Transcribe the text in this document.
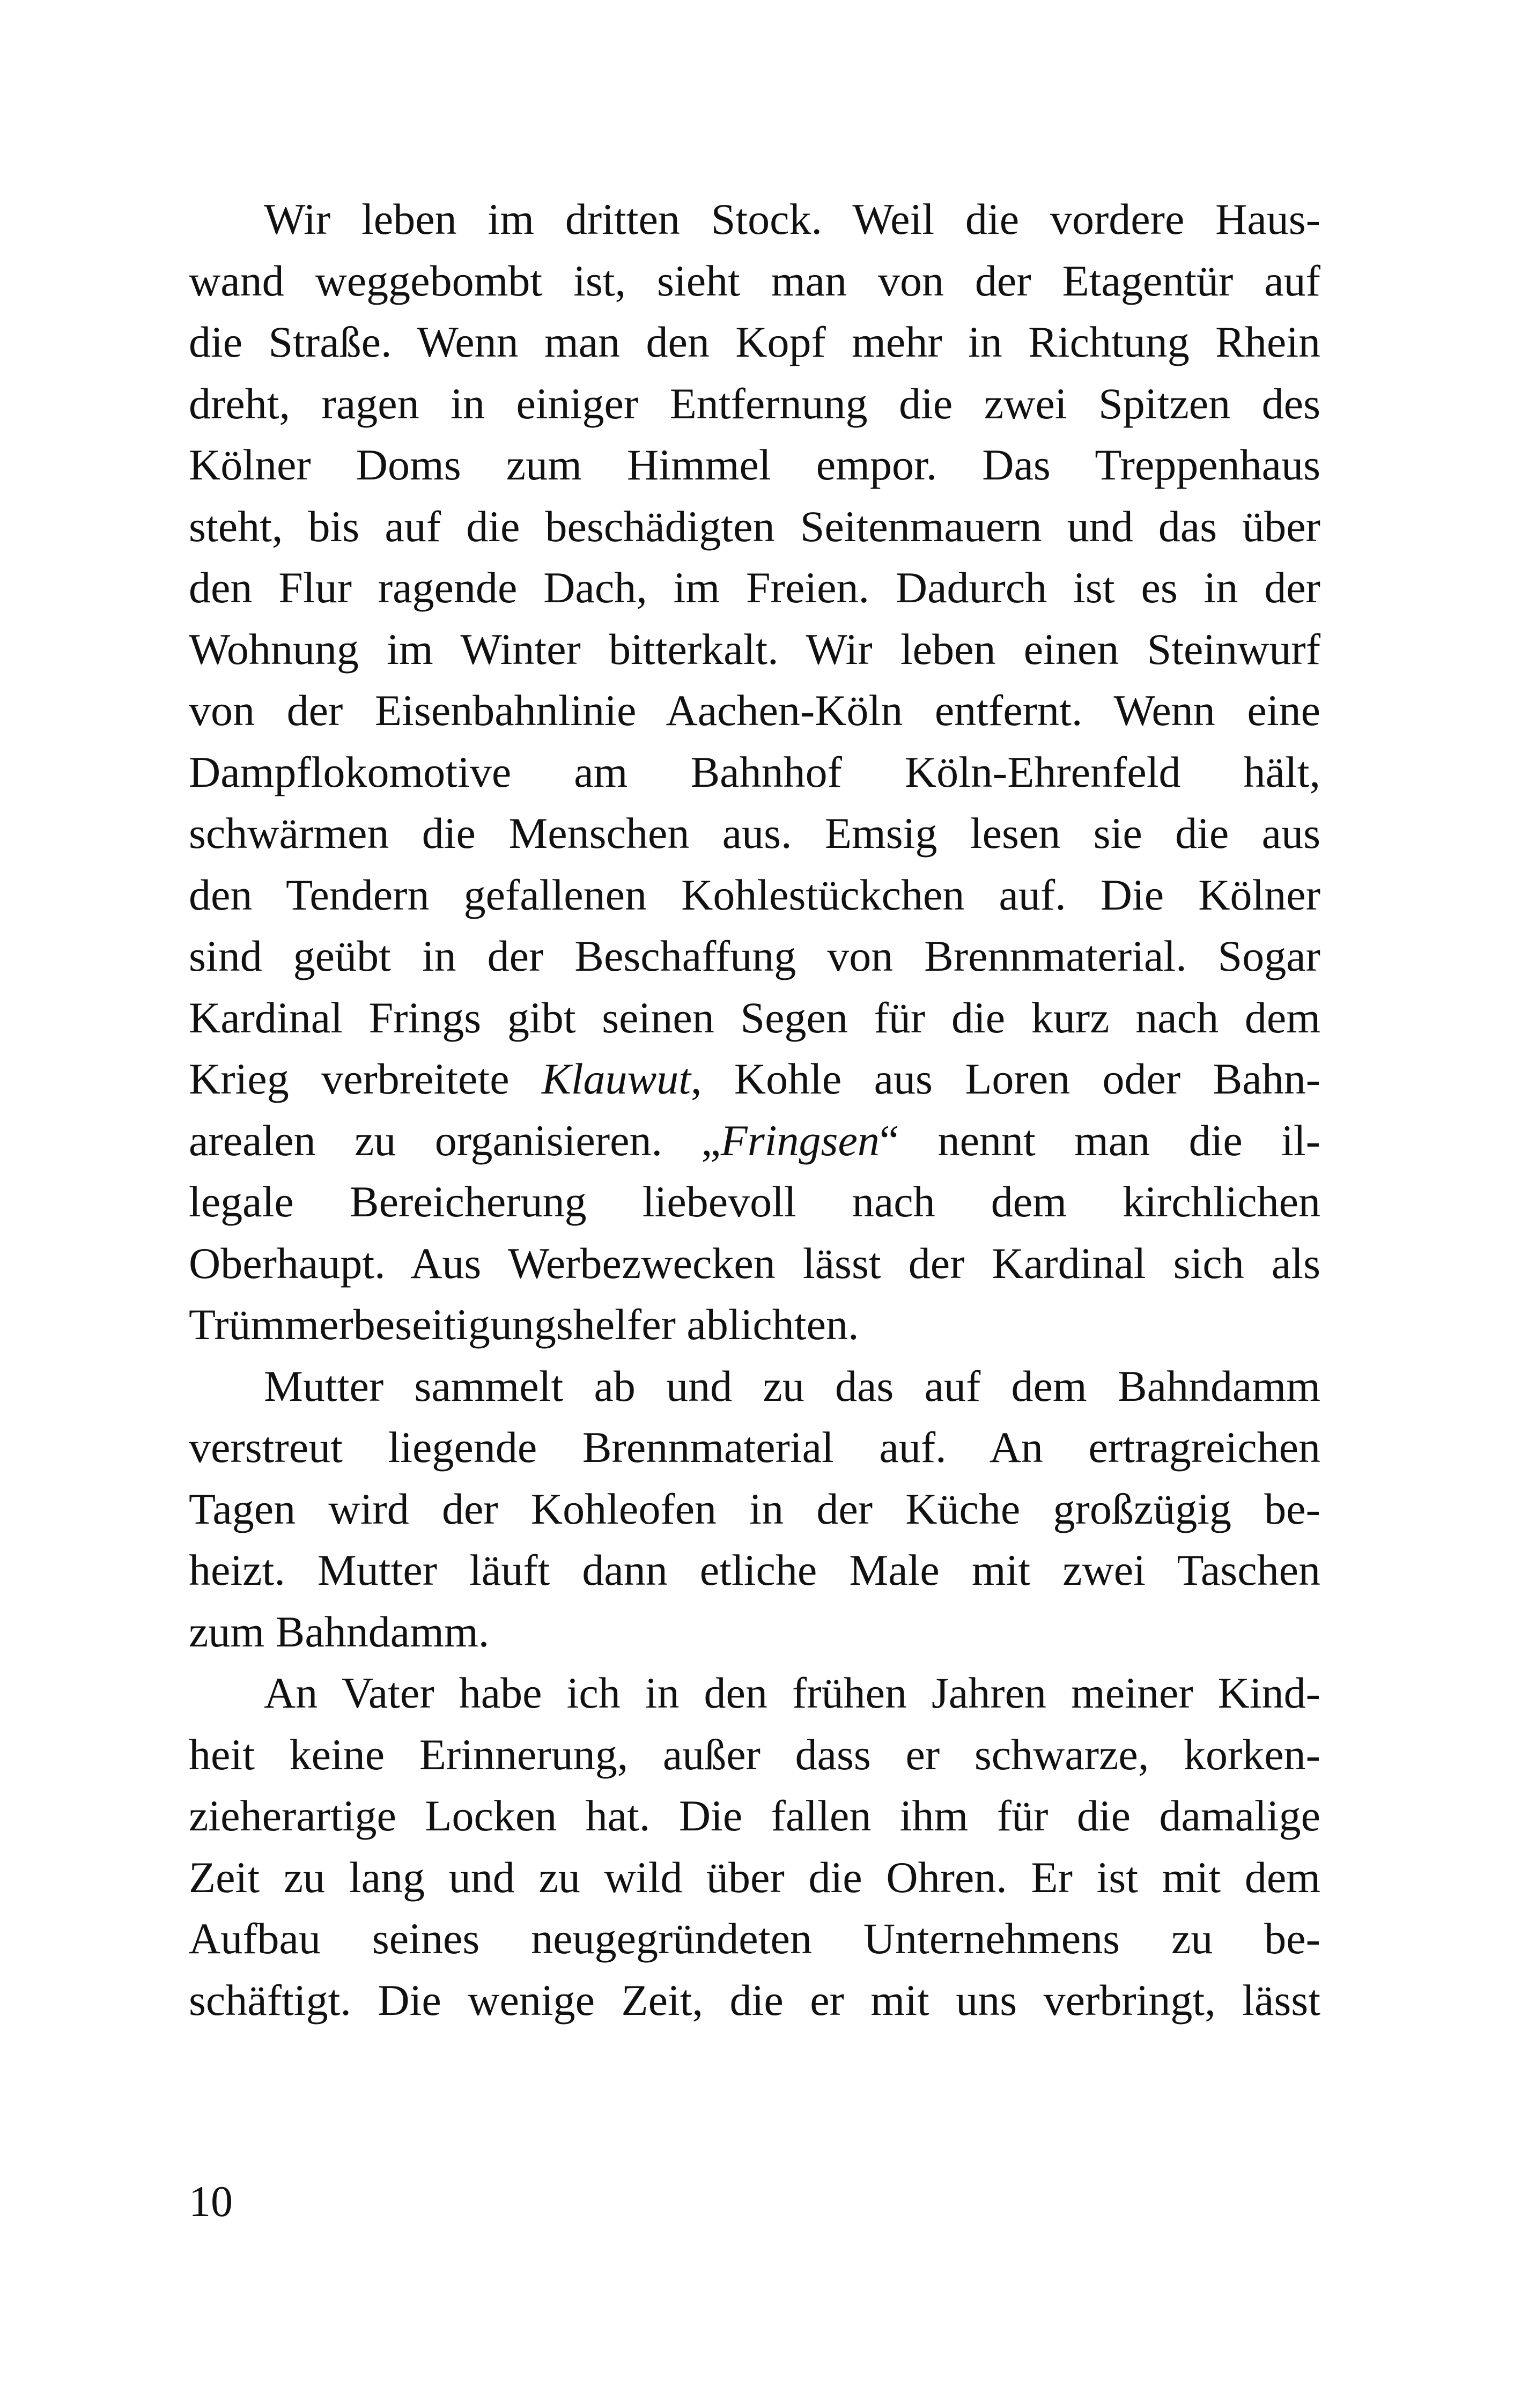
Wir leben im dritten Stock. Weil die vordere Haus-
wand weggebombt ist, sieht man von der Etagentür auf
die Straße. Wenn man den Kopf mehr in Richtung Rhein
dreht, ragen in einiger Entfernung die zwei Spitzen des
Kölner Doms zum Himmel empor. Das Treppenhaus
steht, bis auf die beschädigten Seitenmauern und das über
den Flur ragende Dach, im Freien. Dadurch ist es in der
Wohnung im Winter bitterkalt. Wir leben einen Steinwurf
von der Eisenbahnlinie Aachen-Köln entfernt. Wenn eine
Dampflokomotive am Bahnhof Köln-Ehrenfeld hält,
schwärmen die Menschen aus. Emsig lesen sie die aus
den Tendern gefallenen Kohlestückchen auf. Die Kölner
sind geübt in der Beschaffung von Brennmaterial. Sogar
Kardinal Frings gibt seinen Segen für die kurz nach dem
Krieg verbreitete Klauwut, Kohle aus Loren oder Bahn-
arealen zu organisieren. „Fringsen“ nennt man die il-
legale Bereicherung liebevoll nach dem kirchlichen
Oberhaupt. Aus Werbezwecken lässt der Kardinal sich als
Trümmerbeseitigungshelfer ablichten.
Mutter sammelt ab und zu das auf dem Bahndamm
verstreut liegende Brennmaterial auf. An ertragreichen
Tagen wird der Kohleofen in der Küche großzügig be-
heizt. Mutter läuft dann etliche Male mit zwei Taschen
zum Bahndamm.
An Vater habe ich in den frühen Jahren meiner Kind-
heit keine Erinnerung, außer dass er schwarze, korken-
zieherartige Locken hat. Die fallen ihm für die damalige
Zeit zu lang und zu wild über die Ohren. Er ist mit dem
Aufbau seines neugegründeten Unternehmens zu be-
schäftigt. Die wenige Zeit, die er mit uns verbringt, lässt
10
